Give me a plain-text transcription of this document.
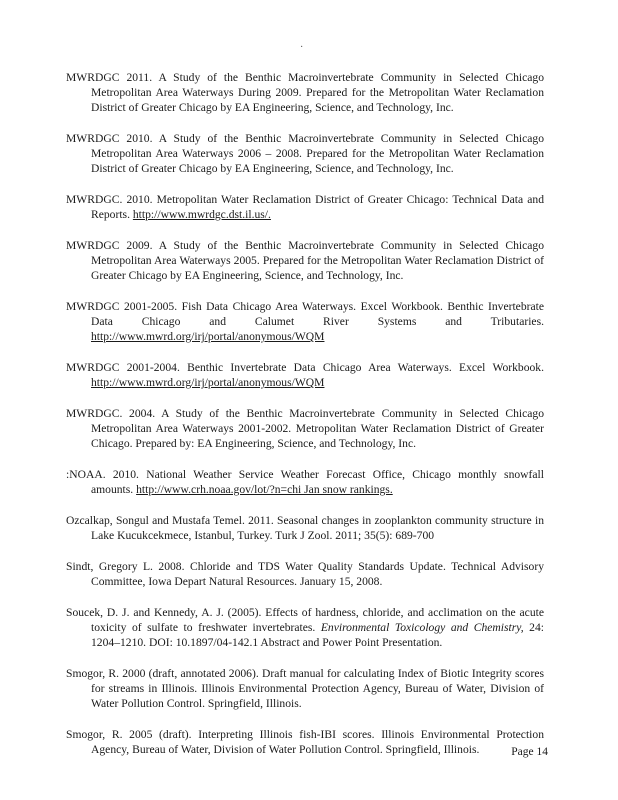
·
MWRDGC 2011. A Study of the Benthic Macroinvertebrate Community in Selected Chicago Metropolitan Area Waterways During 2009. Prepared for the Metropolitan Water Reclamation District of Greater Chicago by EA Engineering, Science, and Technology, Inc.
MWRDGC 2010. A Study of the Benthic Macroinvertebrate Community in Selected Chicago Metropolitan Area Waterways 2006 – 2008. Prepared for the Metropolitan Water Reclamation District of Greater Chicago by EA Engineering, Science, and Technology, Inc.
MWRDGC. 2010. Metropolitan Water Reclamation District of Greater Chicago: Technical Data and Reports. http://www.mwrdgc.dst.il.us/.
MWRDGC 2009. A Study of the Benthic Macroinvertebrate Community in Selected Chicago Metropolitan Area Waterways 2005. Prepared for the Metropolitan Water Reclamation District of Greater Chicago by EA Engineering, Science, and Technology, Inc.
MWRDGC 2001-2005. Fish Data Chicago Area Waterways. Excel Workbook. Benthic Invertebrate Data Chicago and Calumet River Systems and Tributaries. http://www.mwrd.org/irj/portal/anonymous/WQM
MWRDGC 2001-2004. Benthic Invertebrate Data Chicago Area Waterways. Excel Workbook. http://www.mwrd.org/irj/portal/anonymous/WQM
MWRDGC. 2004. A Study of the Benthic Macroinvertebrate Community in Selected Chicago Metropolitan Area Waterways 2001-2002. Metropolitan Water Reclamation District of Greater Chicago. Prepared by: EA Engineering, Science, and Technology, Inc.
:NOAA. 2010. National Weather Service Weather Forecast Office, Chicago monthly snowfall amounts. http://www.crh.noaa.gov/lot/?n=chi Jan snow rankings.
Ozcalkap, Songul and Mustafa Temel. 2011. Seasonal changes in zooplankton community structure in Lake Kucukcekmece, Istanbul, Turkey. Turk J Zool. 2011; 35(5): 689-700
Sindt, Gregory L. 2008. Chloride and TDS Water Quality Standards Update. Technical Advisory Committee, Iowa Depart Natural Resources. January 15, 2008.
Soucek, D. J. and Kennedy, A. J. (2005). Effects of hardness, chloride, and acclimation on the acute toxicity of sulfate to freshwater invertebrates. Environmental Toxicology and Chemistry, 24: 1204–1210. DOI: 10.1897/04-142.1 Abstract and Power Point Presentation.
Smogor, R. 2000 (draft, annotated 2006). Draft manual for calculating Index of Biotic Integrity scores for streams in Illinois. Illinois Environmental Protection Agency, Bureau of Water, Division of Water Pollution Control. Springfield, Illinois.
Smogor, R. 2005 (draft). Interpreting Illinois fish-IBI scores. Illinois Environmental Protection Agency, Bureau of Water, Division of Water Pollution Control. Springfield, Illinois.	Page 14
